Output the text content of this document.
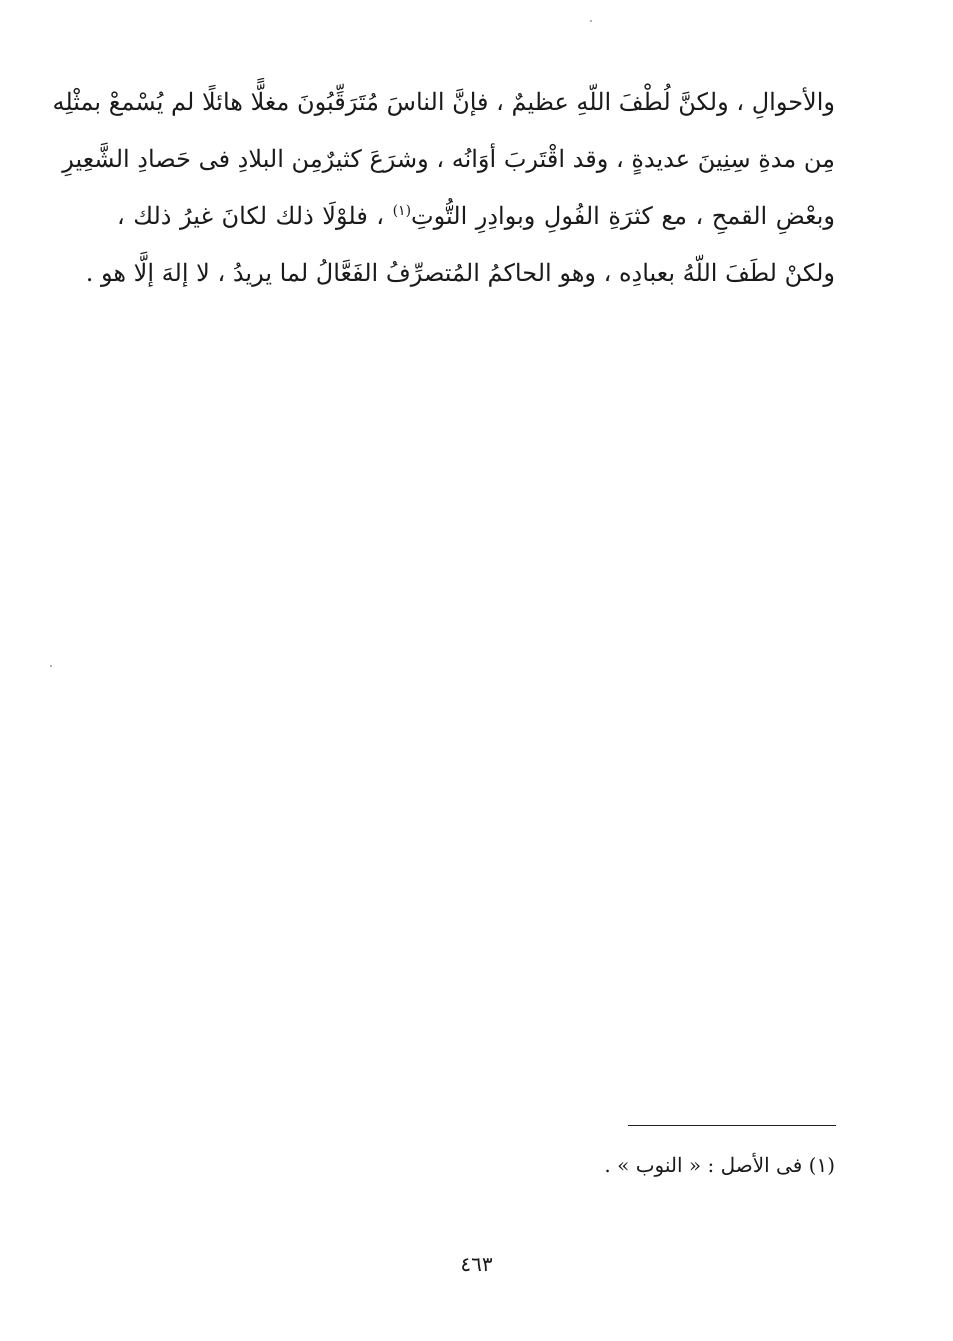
والأحوالِ ، ولكنَّ لُطْفَ اللّهِ عظيمٌ ، فإنَّ الناسَ مُتَرَقِّبُونَ مغلًّا هائلًا لم يُسْمعْ بمثْلِه
مِن مدةِ سِنِينَ عديدةٍ ، وقد اقْتَربَ أوَانُه ، وشرَعَ كثيرٌمِن البلادِ فى حَصادِ الشَّعِيرِ
وبعْضِ القمحِ ، مع كثرَةِ الفُولِ وبوادِرِ التُّوتِ$^{(١)}$ ، فلوْلَا ذلك لكانَ غيرُ ذلك ،
ولكنْ لطَفَ اللّهُ بعبادِه ، وهو الحاكمُ المُتصرِّفُ الفَعَّالُ لما يريدُ ، لا إلهَ إلَّا هو .

(١) فى الأصل : « النوب » .

٤٦٣
